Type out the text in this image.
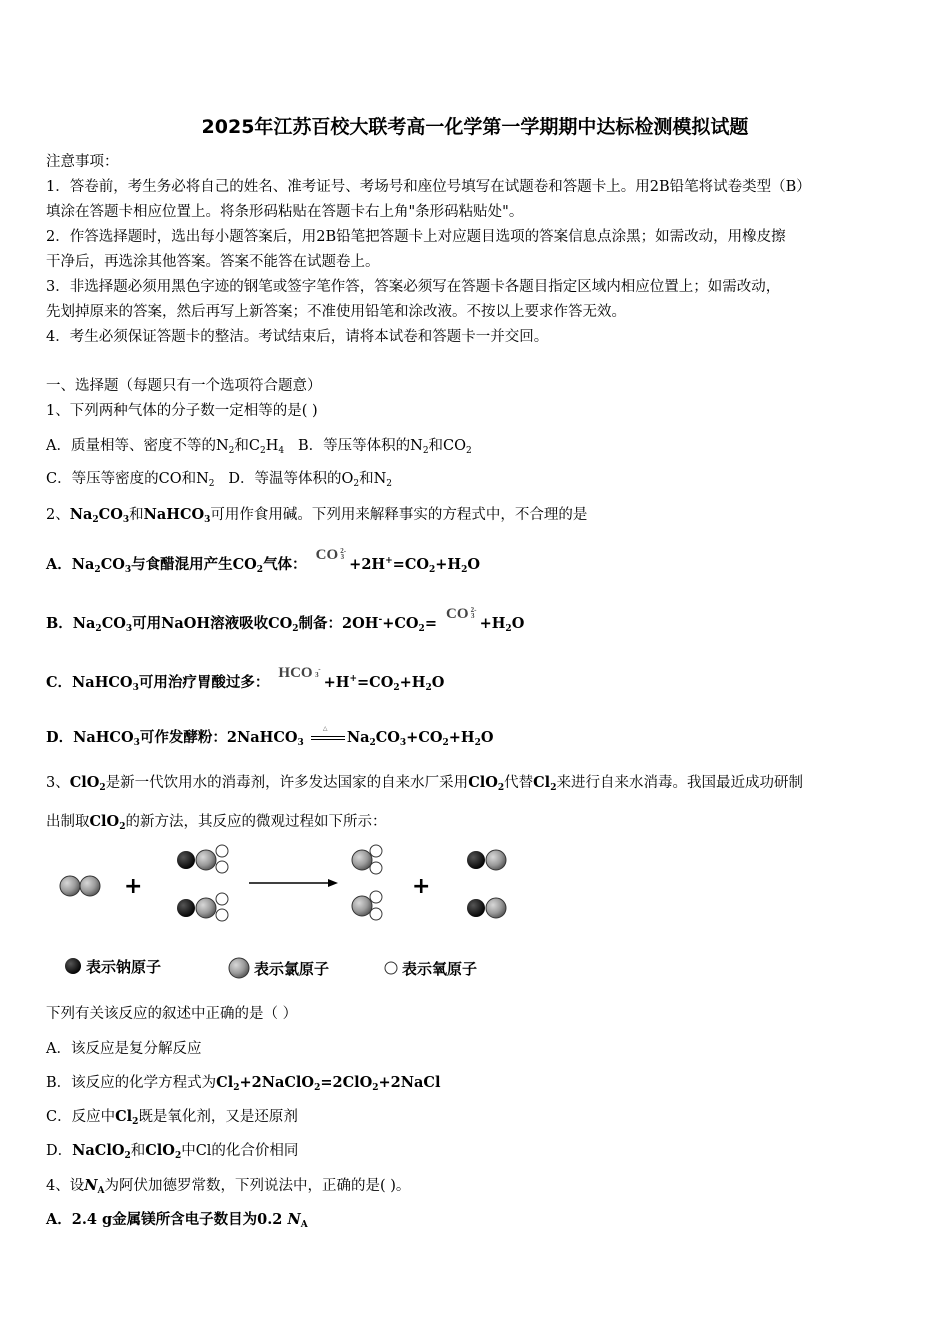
2025年江苏百校大联考高一化学第一学期期中达标检测模拟试题
注意事项：
1．答卷前，考生务必将自己的姓名、准考证号、考场号和座位号填写在试题卷和答题卡上。用2B铅笔将试卷类型（B）
填涂在答题卡相应位置上。将条形码粘贴在答题卡右上角"条形码粘贴处"。
2．作答选择题时，选出每小题答案后，用2B铅笔把答题卡上对应题目选项的答案信息点涂黑；如需改动，用橡皮擦
干净后，再选涂其他答案。答案不能答在试题卷上。
3．非选择题必须用黑色字迹的钢笔或签字笔作答，答案必须写在答题卡各题目指定区域内相应位置上；如需改动，
先划掉原来的答案，然后再写上新答案；不准使用铅笔和涂改液。不按以上要求作答无效。
4．考生必须保证答题卡的整洁。考试结束后，请将本试卷和答题卡一并交回。
一、选择题（每题只有一个选项符合题意）
1、下列两种气体的分子数一定相等的是( )
A．质量相等、密度不等的$N_2$和$C_2H_4$ B．等压等体积的$N_2$和$CO_2$
C．等压等密度的CO和$N_2$ D．等温等体积的$O_2$和$N_2$
2、$Na_2CO_3$和NaHCO$_3$可用作食用碱。下列用来解释事实的方程式中，不合理的是
A．$Na_2CO_3$与食醋混用产生$CO_2$气体： CO 2-
$3 +2H^+=CO_2+H_2O$
B．$Na_2CO_3$可用NaOH溶液吸收$CO_2$制备：$2OH^-+CO_2=$ CO 2-
$3 +H_2O$
C．NaHCO$_3$可用治疗胃酸过多： HCO -
$3 +H^+=CO_2+H_2O$
D．NaHCO$_3$可作发酵粉：2NaHCO$_3$
△
$Na_2CO_3+CO_2+H_2O$
3、ClO$_2$是新一代饮用水的消毒剂，许多发达国家的自来水厂采用ClO$_2$代替$Cl_2$来进行自来水消毒。我国最近成功研制
出制取ClO$_2$的新方法，其反应的微观过程如下所示：
+	+
表示钠原子	表示氯原子	表示氧原子
下列有关该反应的叙述中正确的是（ ）
A．该反应是复分解反应
B．该反应的化学方程式为$Cl_2+2NaClO_2=2ClO_2+2NaCl$
C．反应中$Cl_2$既是氧化剂，又是还原剂
D．NaClO$_2$和ClO$_2$中Cl的化合价相同
4、设$N_A$为阿伏加德罗常数，下列说法中，正确的是( )。
A．2.4 g金属镁所含电子数目为0.2 $N_A$
